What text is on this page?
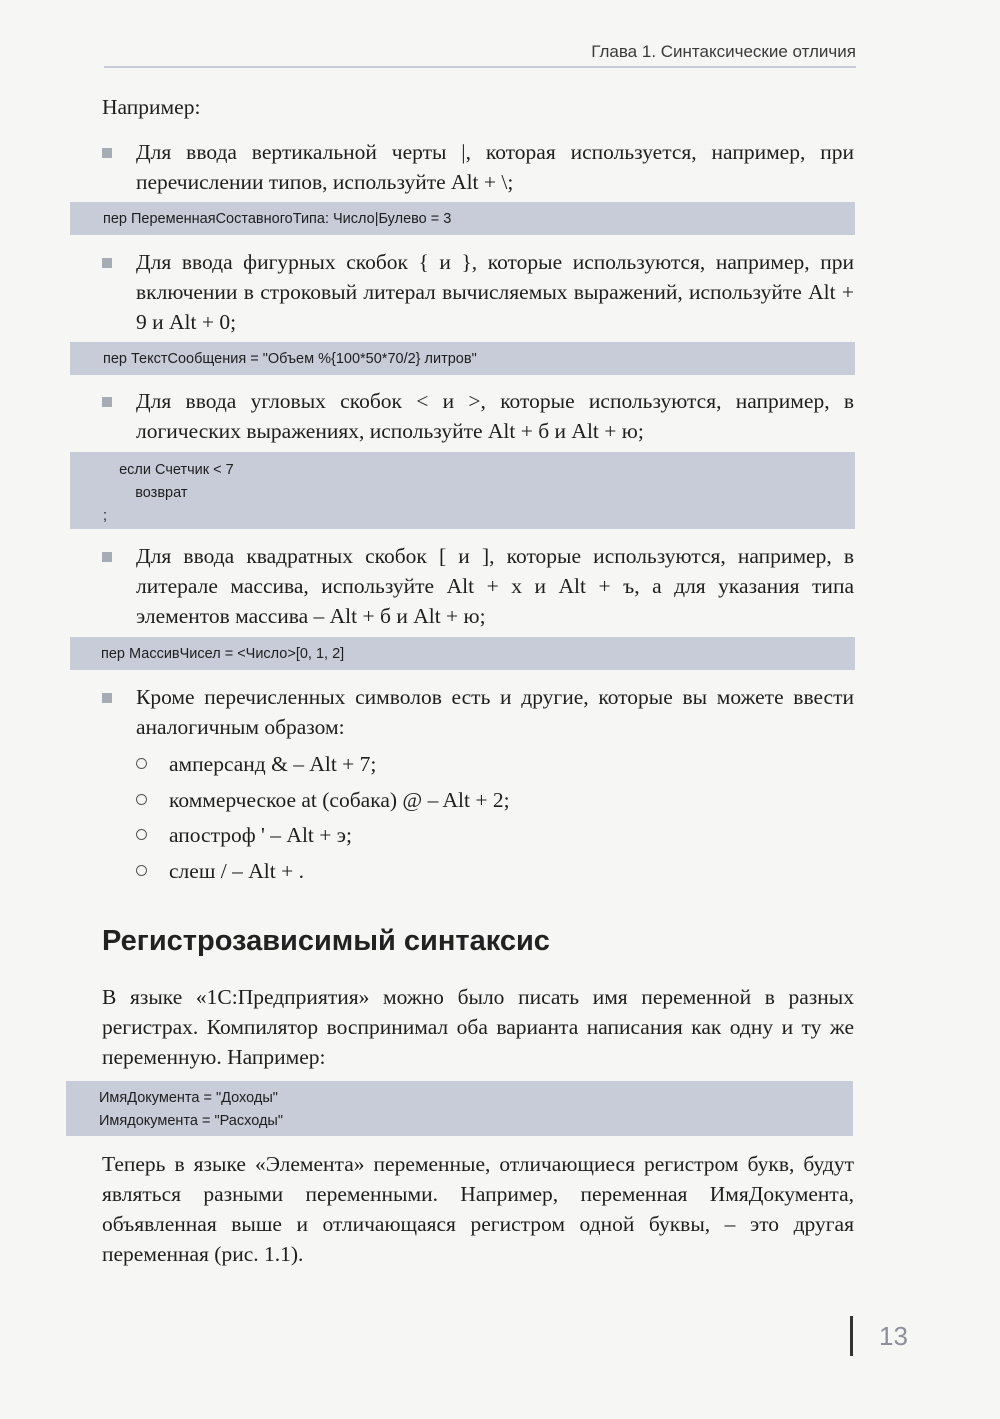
Глава 1. Синтаксические отличия
Например:
Для ввода вертикальной черты |, которая используется, например, при перечислении типов, используйте Alt + \;
пер ПеременнаяСоставногоТипа: Число|Булево = 3
Для ввода фигурных скобок { и }, которые используются, например, при включении в строковый литерал вычисляемых выражений, используйте Alt + 9 и Alt + 0;
пер ТекстСообщения = "Объем %{100*50*70/2} литров"
Для ввода угловых скобок < и >, которые используются, например, в логических выражениях, используйте Alt + б и Alt + ю;
если Счетчик < 7
возврат
;
Для ввода квадратных скобок [ и ], которые используются, например, в литерале массива, используйте Alt + х и Alt + ъ, а для указания типа элементов массива – Alt + б и Alt + ю;
пер МассивЧисел = <Число>[0, 1, 2]
Кроме перечисленных символов есть и другие, которые вы можете ввести аналогичным образом:
амперсанд & – Alt + 7;
коммерческое at (собака) @ – Alt + 2;
апостроф ' – Alt + э;
слеш / – Alt + .
Регистрозависимый синтаксис
В языке «1С:Предприятия» можно было писать имя переменной в разных регистрах. Компилятор воспринимал оба варианта написания как одну и ту же переменную. Например:
ИмяДокумента = "Доходы"
Имядокумента = "Расходы"
Теперь в языке «Элемента» переменные, отличающиеся регистром букв, будут являться разными переменными. Например, переменная ИмяДокумента, объявленная выше и отличающаяся регистром одной буквы, – это другая переменная (рис. 1.1).
13
